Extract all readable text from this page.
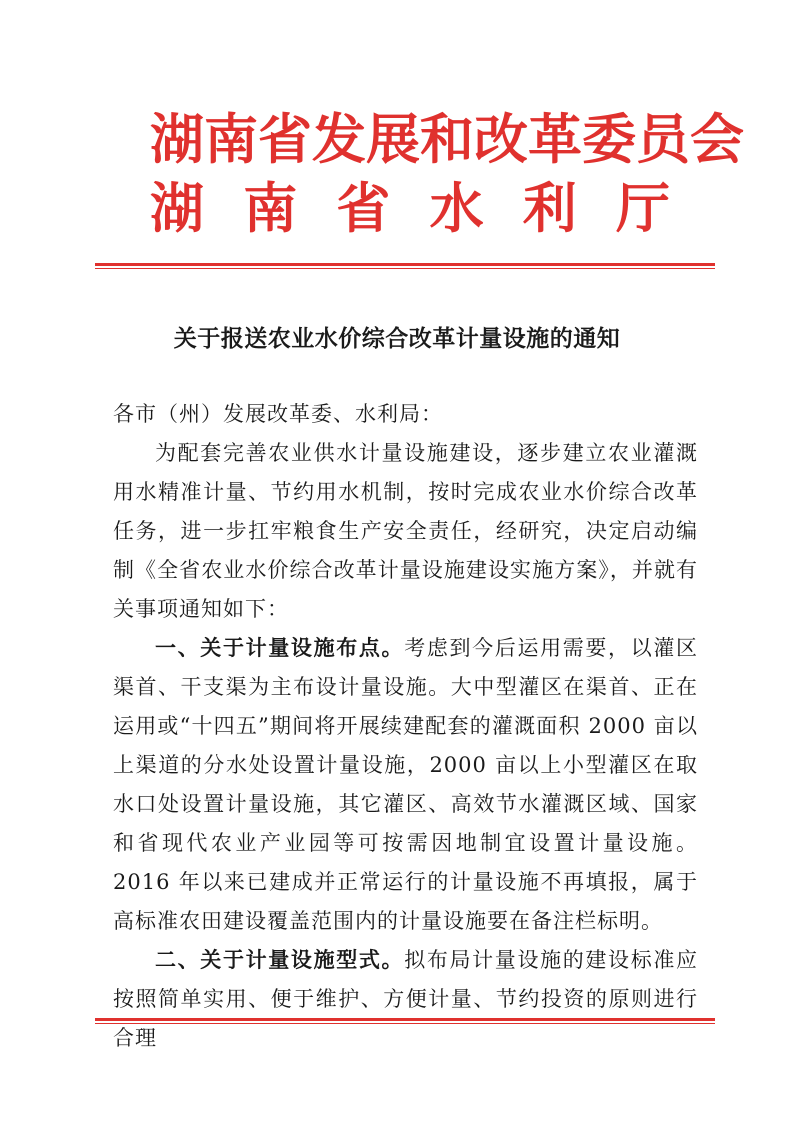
湖 南 省 发 展 和 改 革 委 员 会
湖 南 省 水 利 厅
关于报送农业水价综合改革计量设施的通知

各市（州）发展改革委、水利局：

为配套完善农业供水计量设施建设，逐步建立农业灌溉用水精准计量、节约用水机制，按时完成农业水价综合改革任务，进一步扛牢粮食生产安全责任，经研究，决定启动编制《全省农业水价综合改革计量设施建设实施方案》，并就有关事项通知如下：

一、关于计量设施布点。考虑到今后运用需要，以灌区渠首、干支渠为主布设计量设施。大中型灌区在渠首、正在运用或“十四五”期间将开展续建配套的灌溉面积 2000 亩以上渠道的分水处设置计量设施，2000 亩以上小型灌区在取水口处设置计量设施，其它灌区、高效节水灌溉区域、国家和省现代农业产业园等可按需因地制宜设置计量设施。2016 年以来已建成并正常运行的计量设施不再填报，属于高标准农田建设覆盖范围内的计量设施要在备注栏标明。

二、关于计量设施型式。拟布局计量设施的建设标准应按照简单实用、便于维护、方便计量、节约投资的原则进行合理
